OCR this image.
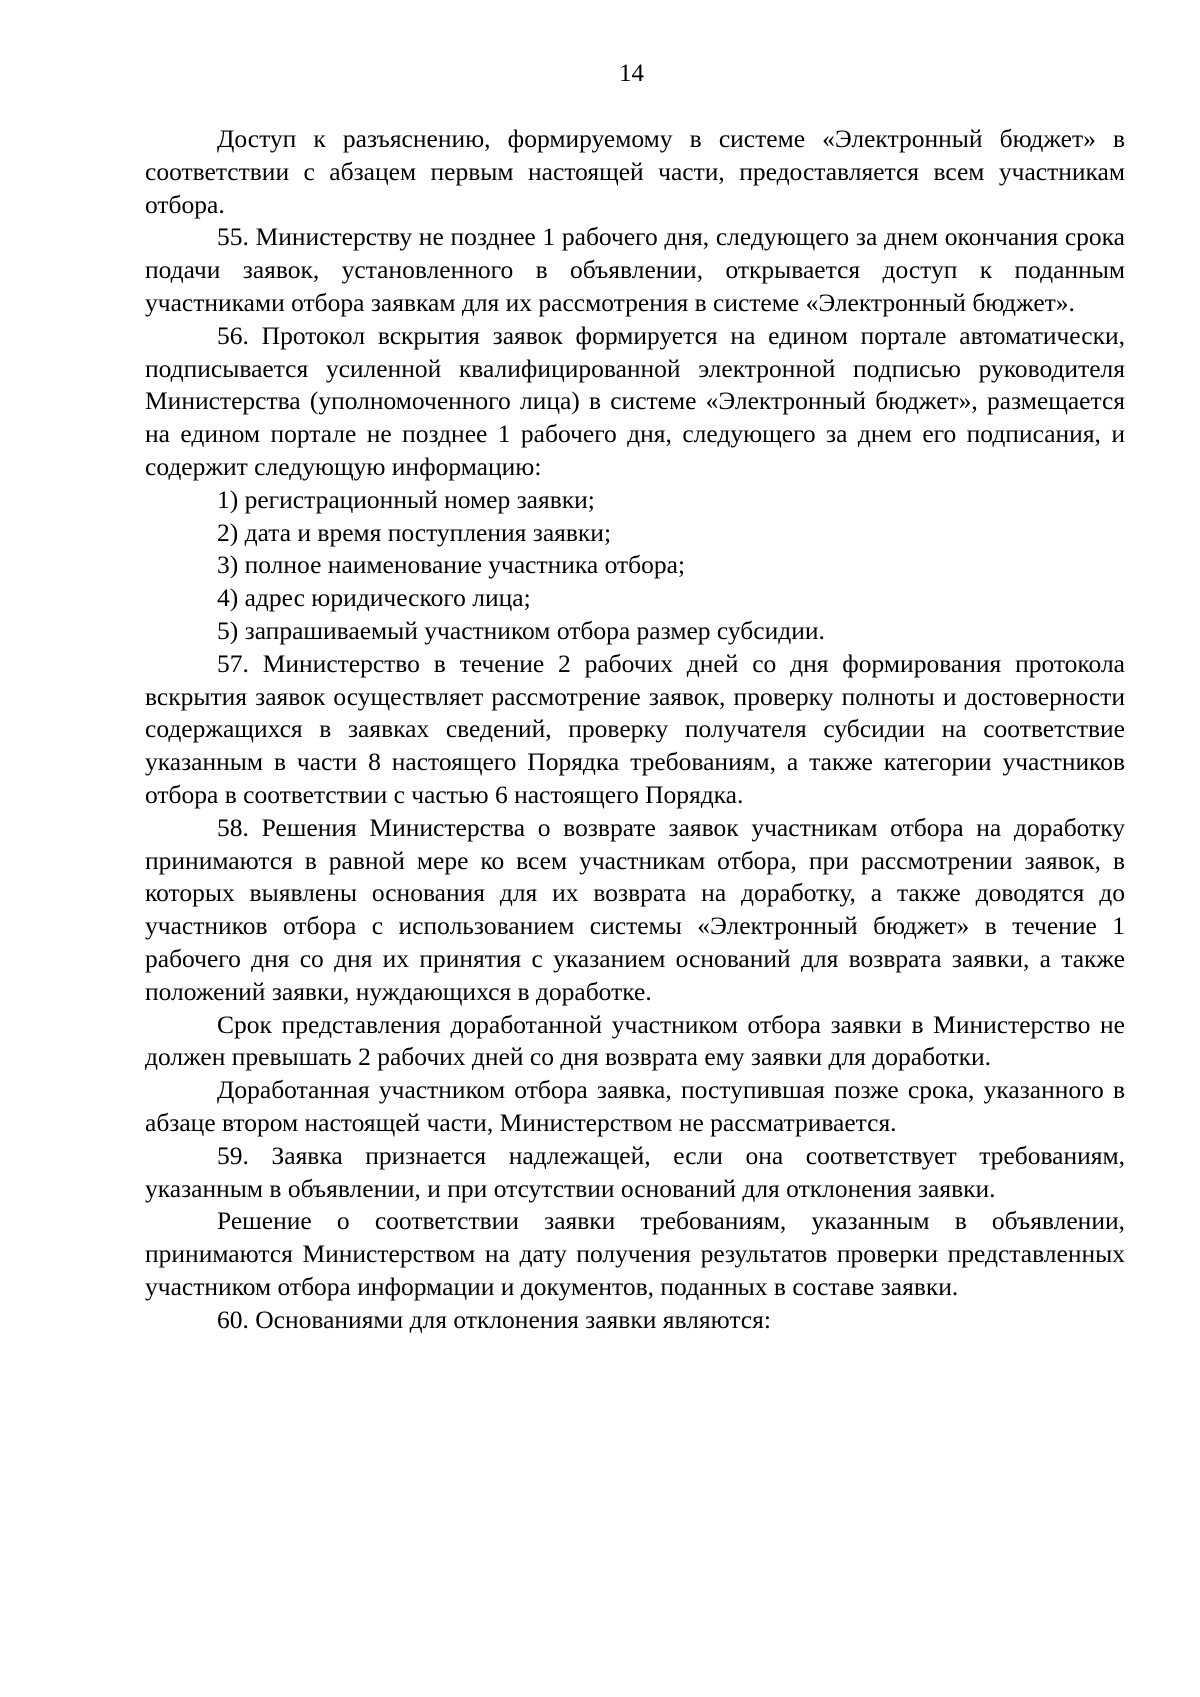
14

Доступ к разъяснению, формируемому в системе «Электронный бюджет» в соответствии с абзацем первым настоящей части, предоставляется всем участникам отбора.

55. Министерству не позднее 1 рабочего дня, следующего за днем окончания срока подачи заявок, установленного в объявлении, открывается доступ к поданным участниками отбора заявкам для их рассмотрения в системе «Электронный бюджет».

56. Протокол вскрытия заявок формируется на едином портале автоматически, подписывается усиленной квалифицированной электронной подписью руководителя Министерства (уполномоченного лица) в системе «Электронный бюджет», размещается на едином портале не позднее 1 рабочего дня, следующего за днем его подписания, и содержит следующую информацию:

1) регистрационный номер заявки;

2) дата и время поступления заявки;

3) полное наименование участника отбора;

4) адрес юридического лица;

5) запрашиваемый участником отбора размер субсидии.

57. Министерство в течение 2 рабочих дней со дня формирования протокола вскрытия заявок осуществляет рассмотрение заявок, проверку полноты и достоверности содержащихся в заявках сведений, проверку получателя субсидии на соответствие указанным в части 8 настоящего Порядка требованиям, а также категории участников отбора в соответствии с частью 6 настоящего Порядка.

58. Решения Министерства о возврате заявок участникам отбора на доработку принимаются в равной мере ко всем участникам отбора, при рассмотрении заявок, в которых выявлены основания для их возврата на доработку, а также доводятся до участников отбора с использованием системы «Электронный бюджет» в течение 1 рабочего дня со дня их принятия с указанием оснований для возврата заявки, а также положений заявки, нуждающихся в доработке.

Срок представления доработанной участником отбора заявки в Министерство не должен превышать 2 рабочих дней со дня возврата ему заявки для доработки.

Доработанная участником отбора заявка, поступившая позже срока, указанного в абзаце втором настоящей части, Министерством не рассматривается.

59. Заявка признается надлежащей, если она соответствует требованиям, указанным в объявлении, и при отсутствии оснований для отклонения заявки.

Решение о соответствии заявки требованиям, указанным в объявлении, принимаются Министерством на дату получения результатов проверки представленных участником отбора информации и документов, поданных в составе заявки.

60. Основаниями для отклонения заявки являются:
